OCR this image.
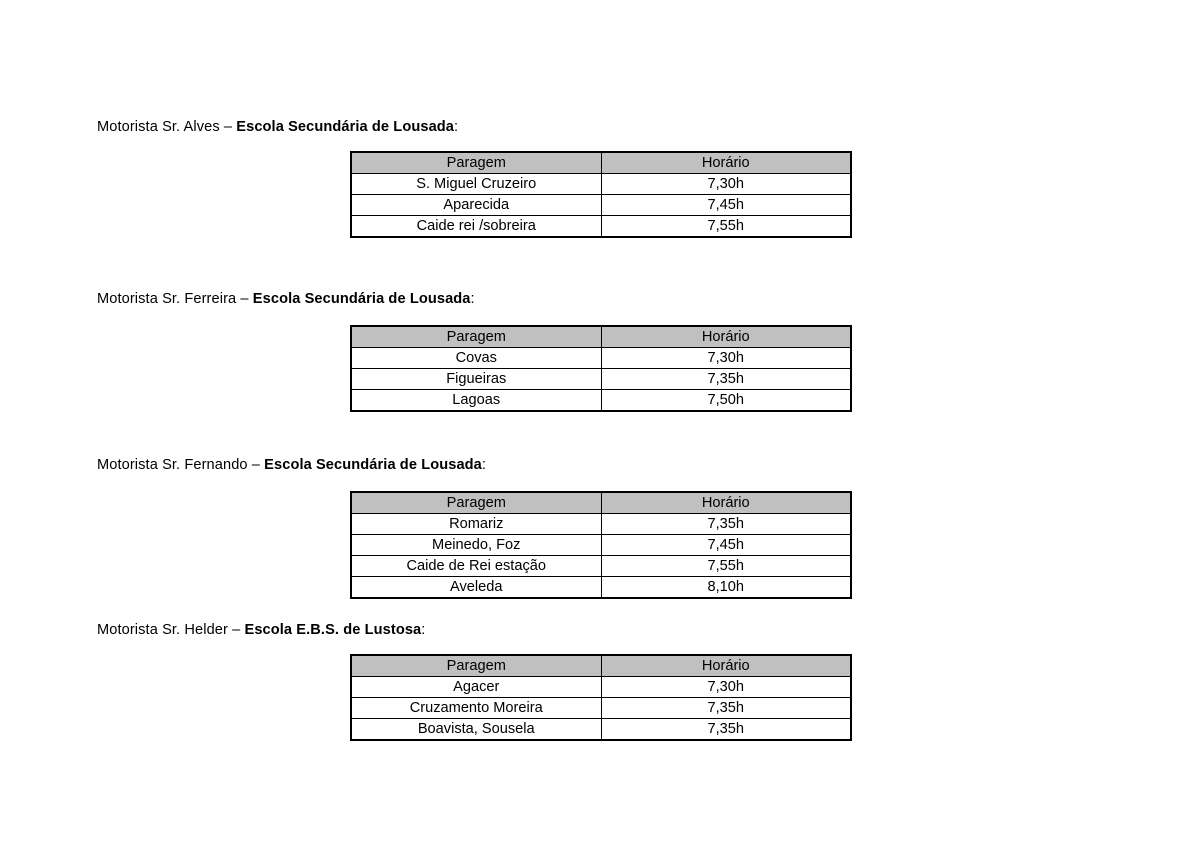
Motorista Sr. Alves – Escola Secundária de Lousada:

Paragem	Horário
S. Miguel Cruzeiro	7,30h
Aparecida	7,45h
Caide rei /sobreira	7,55h

Motorista Sr. Ferreira – Escola Secundária de Lousada:

Paragem	Horário
Covas	7,30h
Figueiras	7,35h
Lagoas	7,50h

Motorista Sr. Fernando – Escola Secundária de Lousada:

Paragem	Horário
Romariz	7,35h
Meinedo, Foz	7,45h
Caide de Rei estação	7,55h
Aveleda	8,10h

Motorista Sr. Helder – Escola E.B.S. de Lustosa:

Paragem	Horário
Agacer	7,30h
Cruzamento Moreira	7,35h
Boavista, Sousela	7,35h
